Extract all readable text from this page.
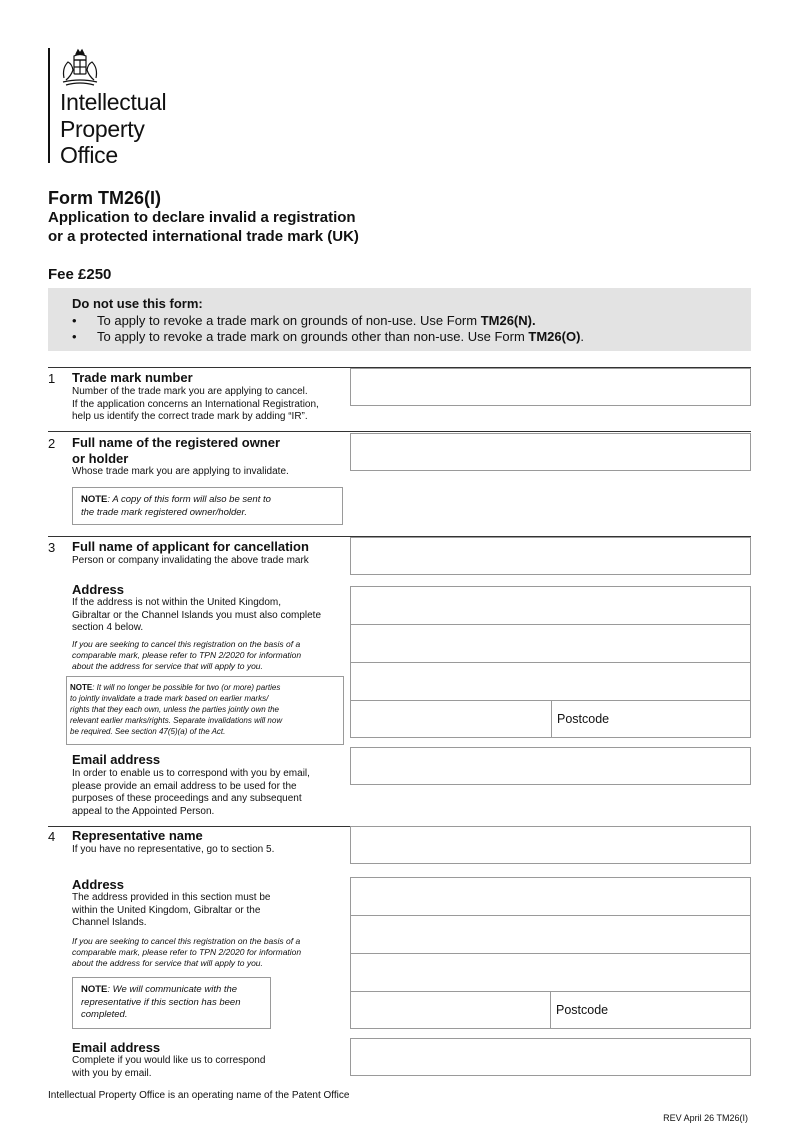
Intellectual
Property
Office
Form TM26(I)
Application to declare invalid a registration
or a protected international trade mark (UK)
Fee £250
Do not use this form:
• To apply to revoke a trade mark on grounds of non-use. Use Form TM26(N).
• To apply to revoke a trade mark on grounds other than non-use. Use Form TM26(O).
1 Trade mark number
Number of the trade mark you are applying to cancel.
If the application concerns an International Registration,
help us identify the correct trade mark by adding “IR”.
2 Full name of the registered owner
or holder
Whose trade mark you are applying to invalidate.
NOTE: A copy of this form will also be sent to
the trade mark registered owner/holder.
3 Full name of applicant for cancellation
Person or company invalidating the above trade mark
Address
If the address is not within the United Kingdom,
Gibraltar or the Channel Islands you must also complete
section 4 below.
If you are seeking to cancel this registration on the basis of a
comparable mark, please refer to TPN 2/2020 for information
about the address for service that will apply to you.
NOTE: It will no longer be possible for two (or more) parties
to jointly invalidate a trade mark based on earlier marks/
rights that they each own, unless the parties jointly own the
relevant earlier marks/rights. Separate invalidations will now
be required. See section 47(5)(a) of the Act.
Postcode
Email address
In order to enable us to correspond with you by email,
please provide an email address to be used for the
purposes of these proceedings and any subsequent
appeal to the Appointed Person.
4 Representative name
If you have no representative, go to section 5.
Address
The address provided in this section must be
within the United Kingdom, Gibraltar or the
Channel Islands.
If you are seeking to cancel this registration on the basis of a
comparable mark, please refer to TPN 2/2020 for information
about the address for service that will apply to you.
NOTE: We will communicate with the
representative if this section has been
completed.	Postcode
Email address
Complete if you would like us to correspond
with you by email.
Intellectual Property Office is an operating name of the Patent Office
REV April 26 TM26(I)
